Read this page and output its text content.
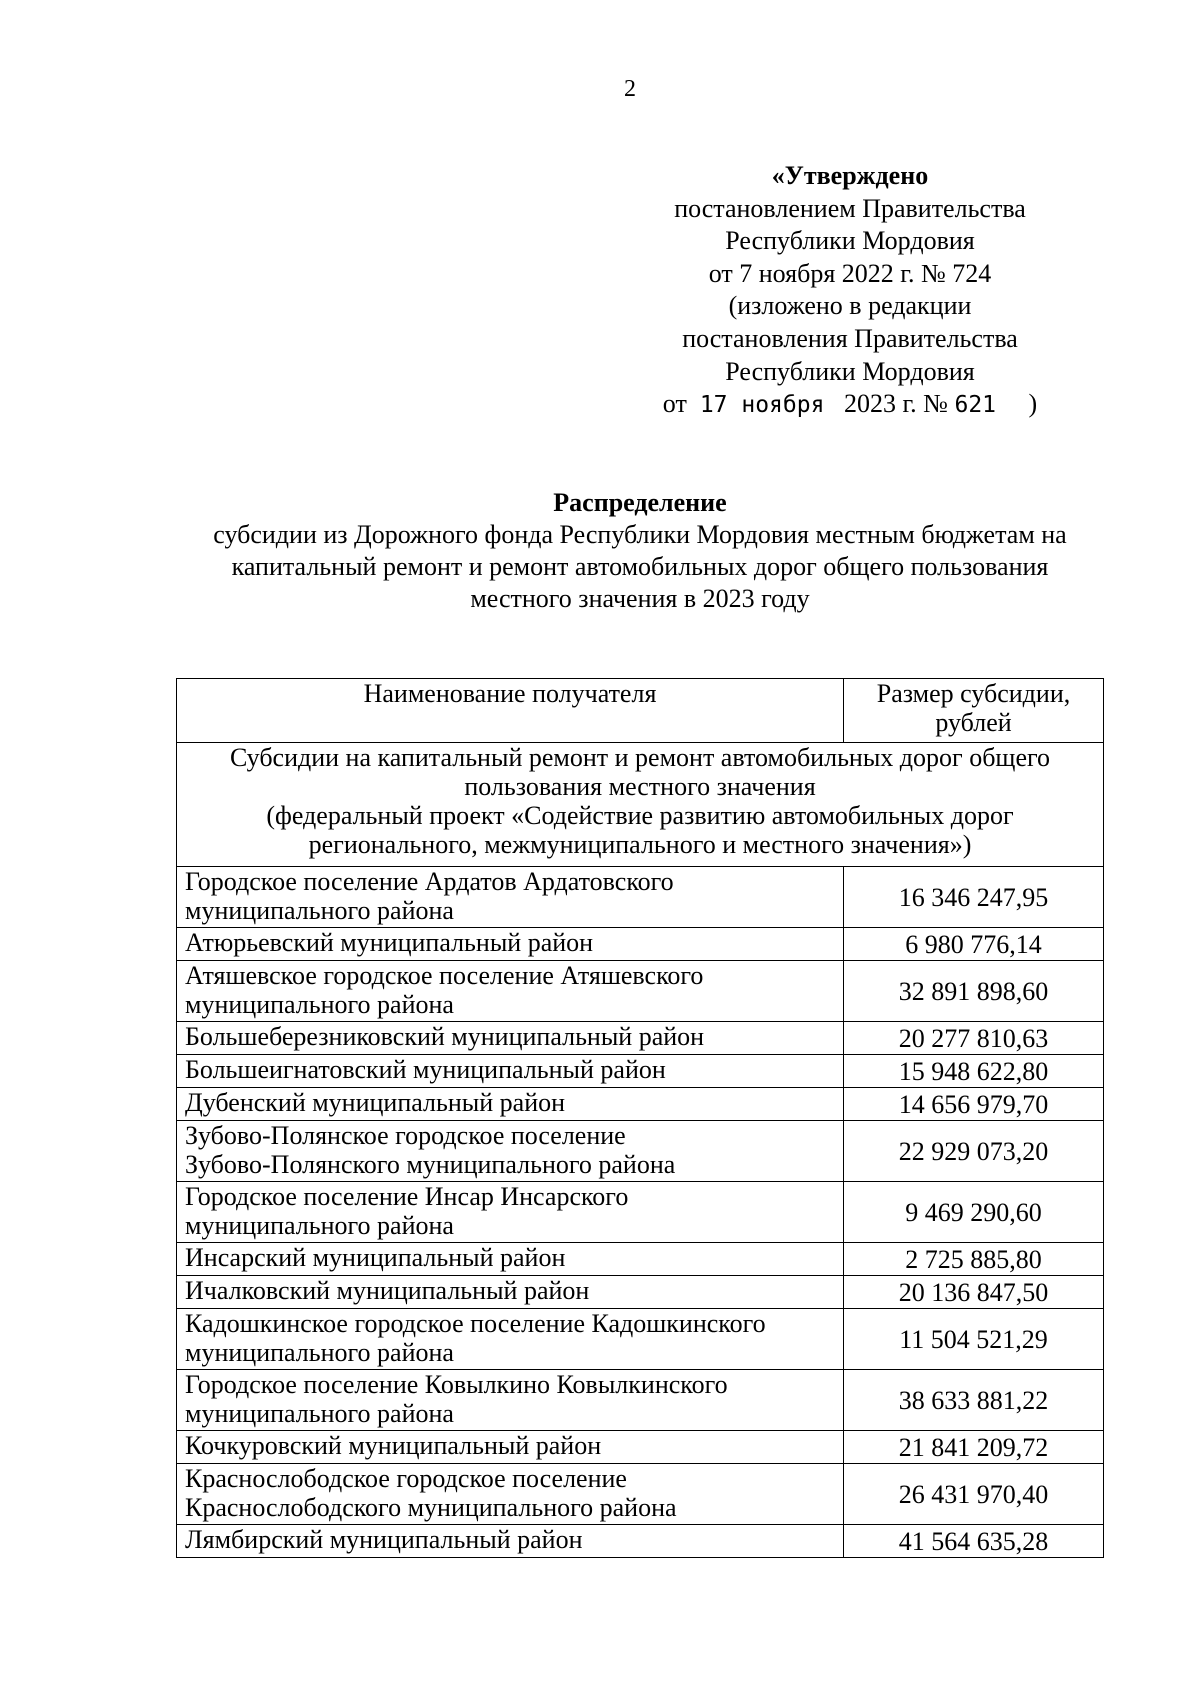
2
«Утверждено
постановлением Правительства
Республики Мордовия
от 7 ноября 2022 г. № 724
(изложено в редакции
постановления Правительства
Республики Мордовия
от 17 ноября 2023 г. № 621 )
Распределение
субсидии из Дорожного фонда Республики Мордовия местным бюджетам на
капитальный ремонт и ремонт автомобильных дорог общего пользования
местного значения в 2023 году
Наименование получателя	Размер субсидии,
рублей

Субсидии на капитальный ремонт и ремонт автомобильных дорог общего
пользования местного значения
(федеральный проект «Содействие развитию автомобильных дорог
регионального, межмуниципального и местного значения»)	

Городское поселение Ардатов Ардатовского
муниципального района	16 346 247,95

Атюрьевский муниципальный район	6 980 776,14

Атяшевское городское поселение Атяшевского
муниципального района	32 891 898,60

Большеберезниковский муниципальный район	20 277 810,63

Большеигнатовский муниципальный район	15 948 622,80

Дубенский муниципальный район	14 656 979,70

Зубово-Полянское городское поселение
Зубово-Полянского муниципального района	22 929 073,20

Городское поселение Инсар Инсарского
муниципального района	9 469 290,60

Инсарский муниципальный район	2 725 885,80

Ичалковский муниципальный район	20 136 847,50

Кадошкинское городское поселение Кадошкинского
муниципального района	11 504 521,29

Городское поселение Ковылкино Ковылкинского
муниципального района	38 633 881,22

Кочкуровский муниципальный район	21 841 209,72

Краснослободское городское поселение
Краснослободского муниципального района	26 431 970,40

Лямбирский муниципальный район	41 564 635,28
